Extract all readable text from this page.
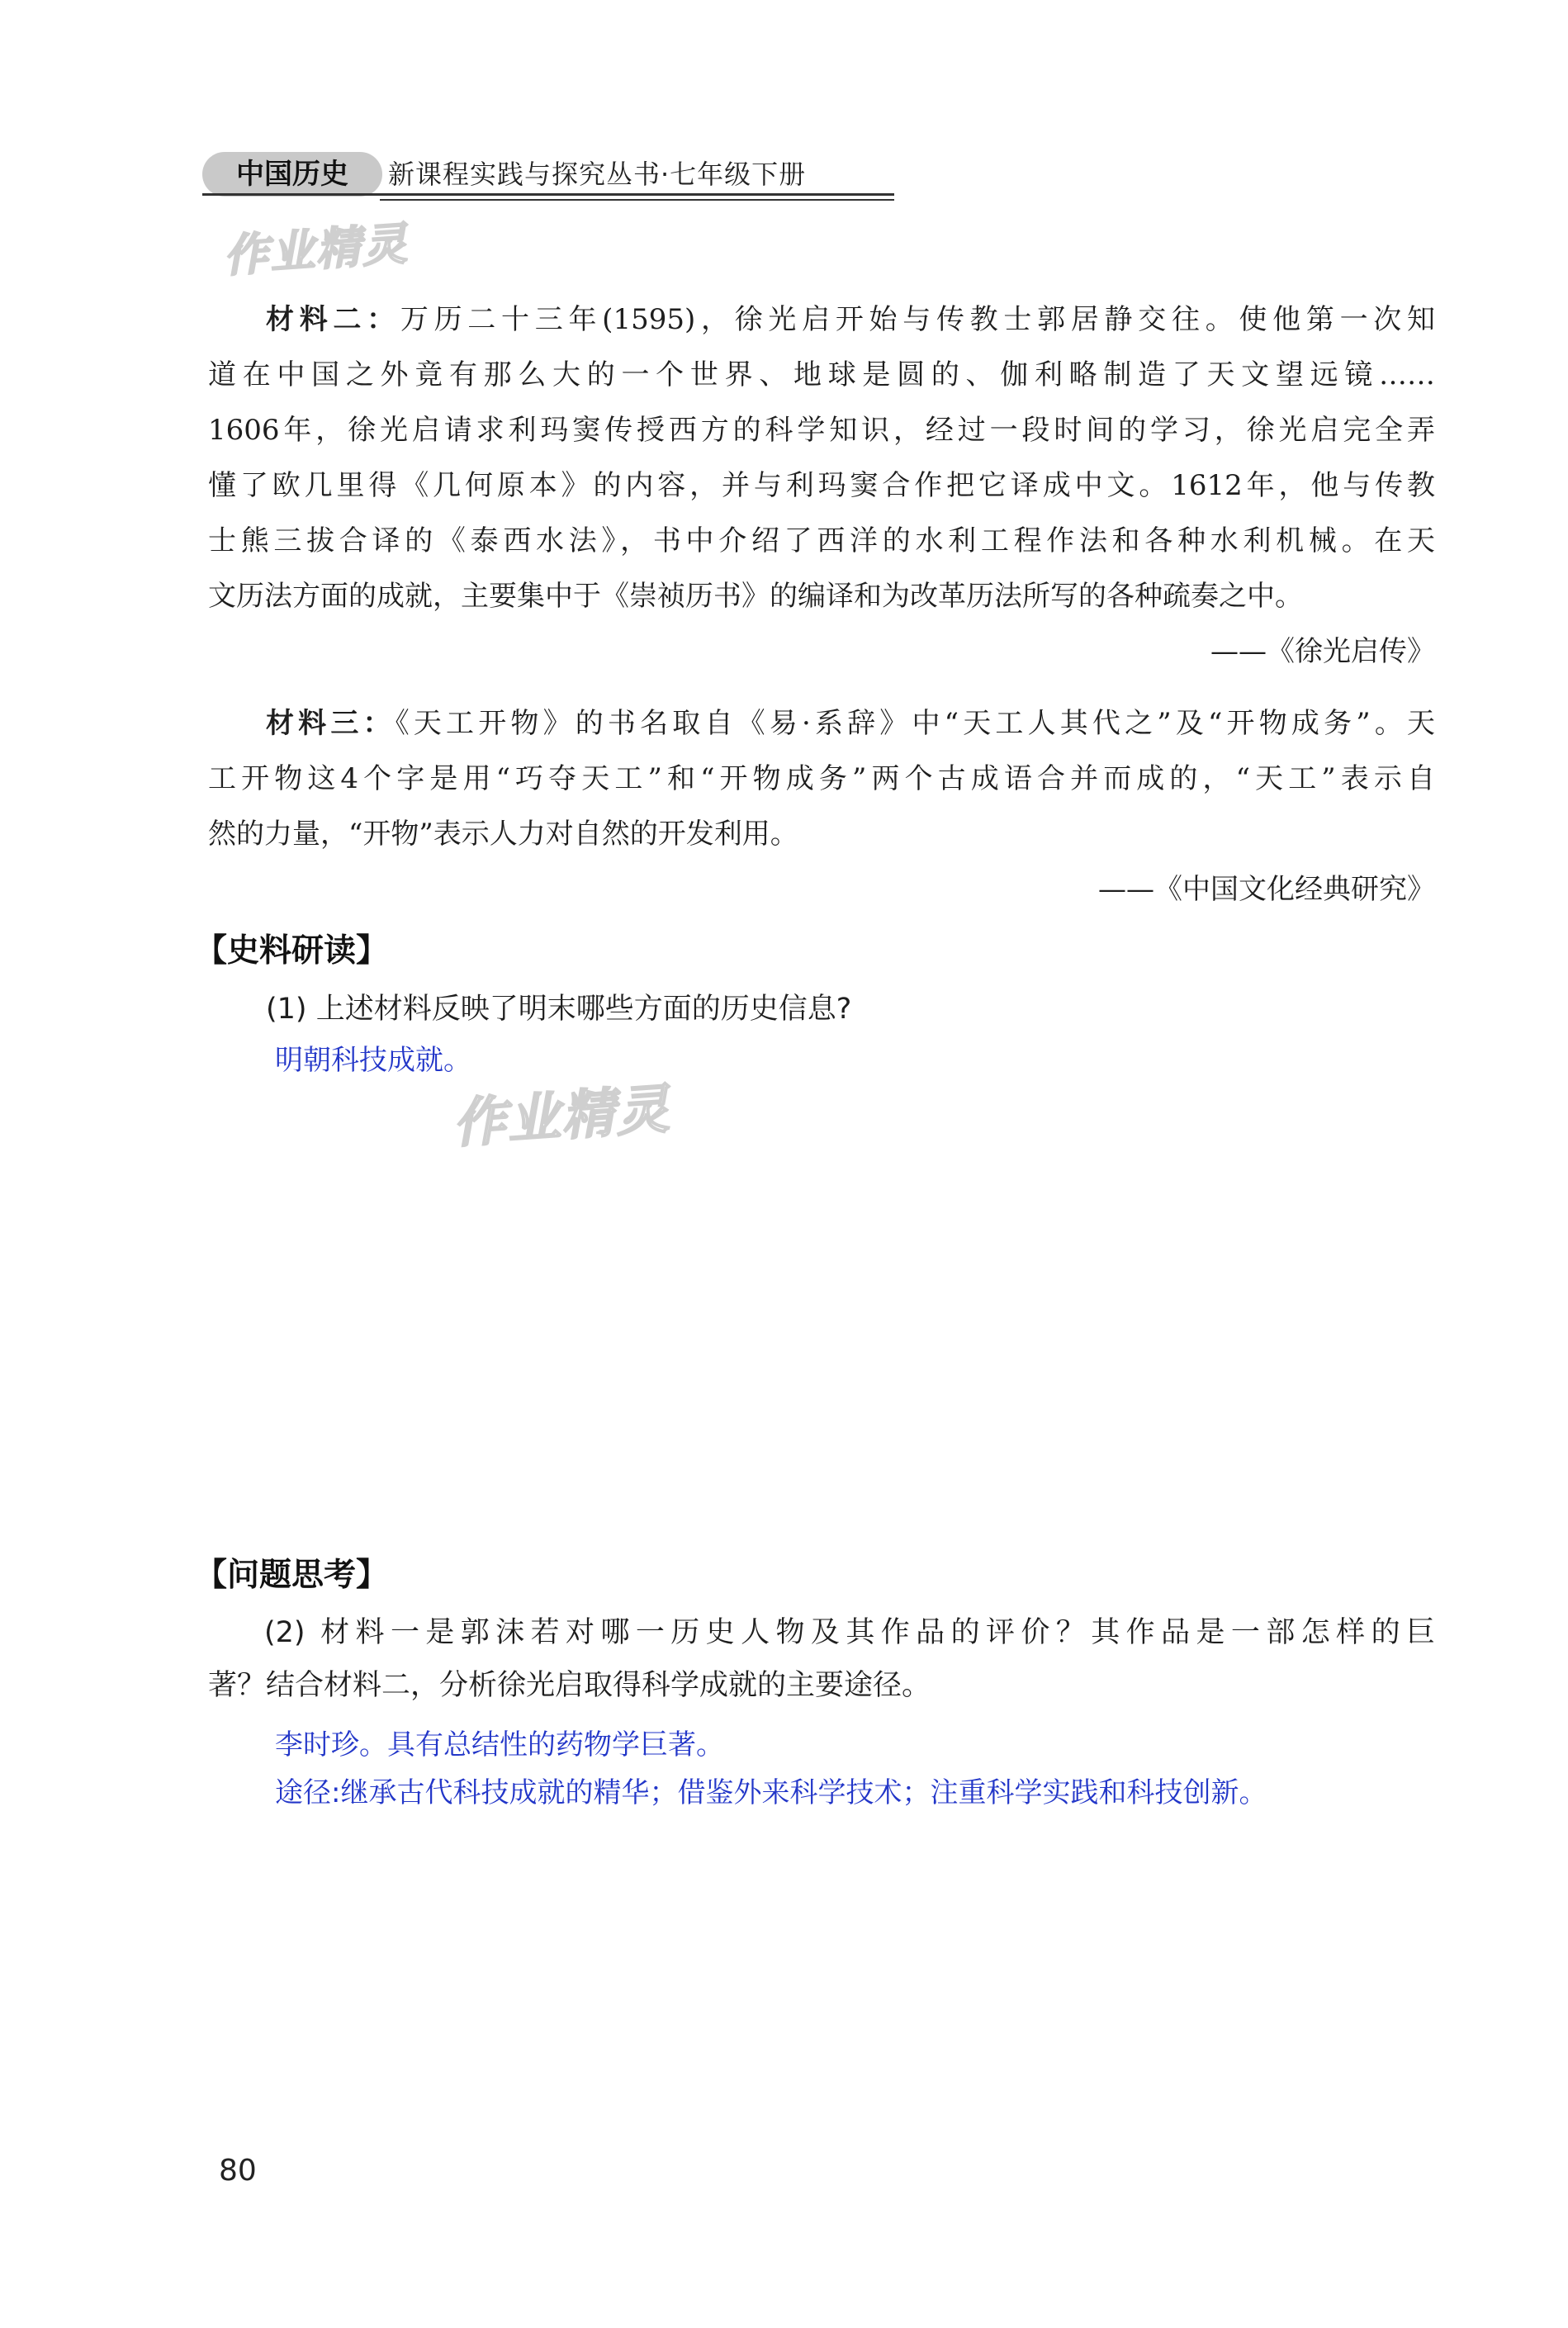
中国历史	新课程实践与探究丛书·七年级下册
作业精灵
作业精灵
材料二：万历二十三年(1595)，徐光启开始与传教士郭居静交往。使他第一次知
道在中国之外竟有那么大的一个世界、地球是圆的、伽利略制造了天文望远镜……
1606年，徐光启请求利玛窦传授西方的科学知识，经过一段时间的学习，徐光启完全弄
懂了欧几里得《几何原本》的内容，并与利玛窦合作把它译成中文。1612年，他与传教
士熊三拔合译的《泰西水法》，书中介绍了西洋的水利工程作法和各种水利机械。在天
文历法方面的成就，主要集中于《崇祯历书》的编译和为改革历法所写的各种疏奏之中。
——《徐光启传》
材料三：《天工开物》的书名取自《易·系辞》中“天工人其代之”及“开物成务”。天
工开物这4个字是用“巧夺天工”和“开物成务”两个古成语合并而成的，“天工”表示自
然的力量，“开物”表示人力对自然的开发利用。
——《中国文化经典研究》
【史料研读】
(1) 上述材料反映了明末哪些方面的历史信息?
明朝科技成就。
【问题思考】
(2) 材料一是郭沫若对哪一历史人物及其作品的评价？其作品是一部怎样的巨
著？结合材料二，分析徐光启取得科学成就的主要途径。
李时珍。具有总结性的药物学巨著。
途径:继承古代科技成就的精华；借鉴外来科学技术；注重科学实践和科技创新。
80
